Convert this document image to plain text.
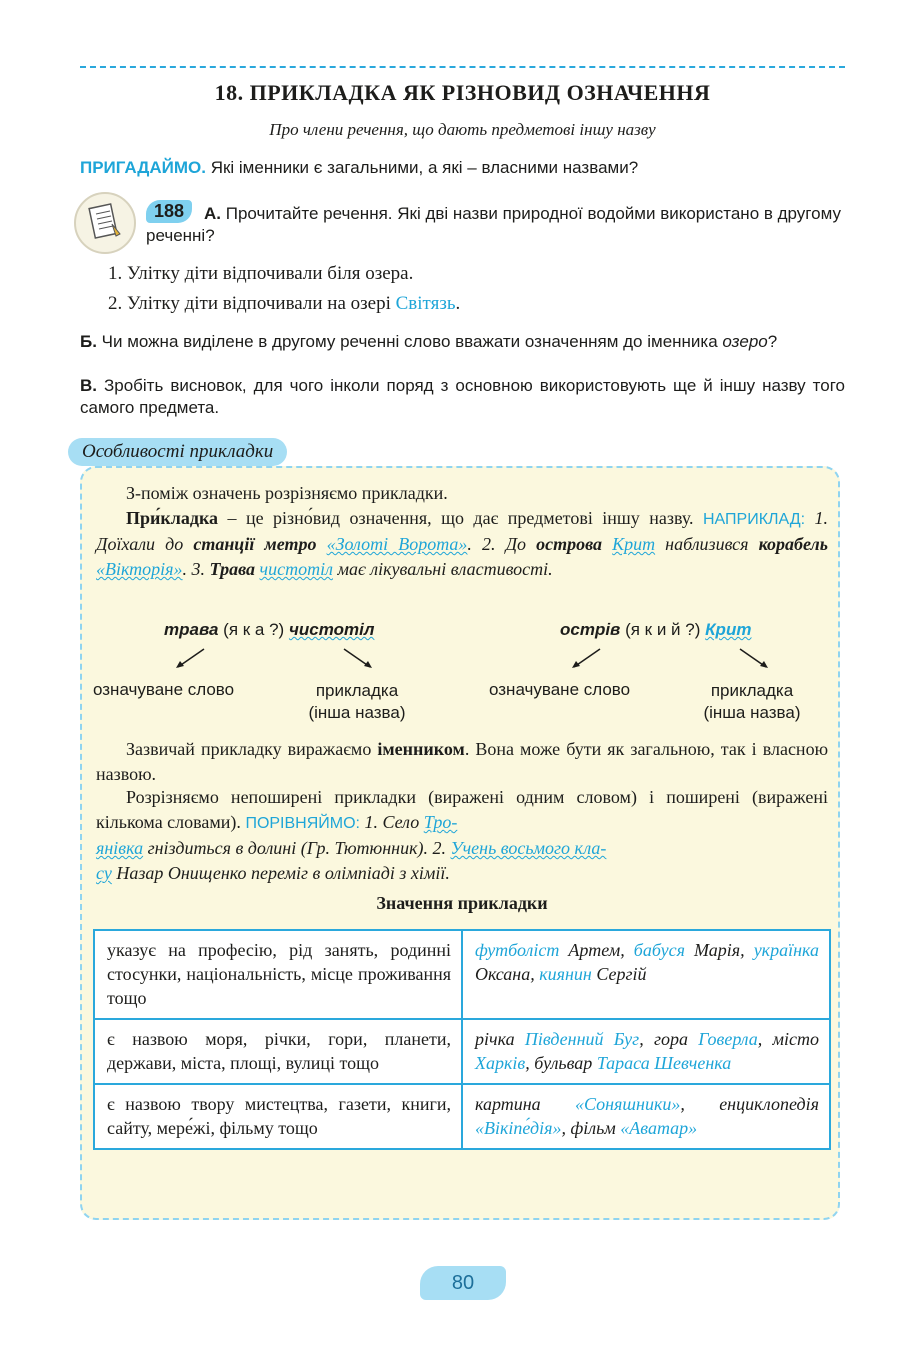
18. ПРИКЛАДКА ЯК РІЗНОВИД ОЗНАЧЕННЯ
Про члени речення, що дають предметові іншу назву
ПРИГАДАЙМО. Які іменники є загальними, а які – власними назвами?
А. Прочитайте речення. Які дві назви природної водойми використано в другому реченні?
188
1. Улітку діти відпочивали біля озера.
2. Улітку діти відпочивали на озері Світязь.
Б. Чи можна виділене в другому реченні слово вважати означенням до іменника озеро?
В. Зробіть висновок, для чого інколи поряд з основною використовують ще й іншу назву того самого предмета.
Особливості прикладки
З-поміж означень розрізняємо прикладки.
При́кладка – це різно́вид означення, що дає предметові іншу назву. НАПРИКЛАД: 1. Доїхали до станції метро «Золоті Ворота». 2. До острова Крит наблизився корабель «Вікторія». 3. Трава чистотіл має лікувальні властивості.
трава (я к а ?) чистотіл
означуване слово	прикладка
(інша назва)
острів (я к и й ?) Крит
означуване слово	прикладка
(інша назва)
Зазвичай прикладку виражаємо іменником. Вона може бути як загальною, так і власною назвою.
Розрізняємо непоширені прикладки (виражені одним словом) і поширені (виражені кількома словами). ПОРІВНЯЙМО: 1. Село Тро-
янівка гніздиться в долині (Гр. Тютюнник). 2. Учень восьмого кла-
су Назар Онищенко переміг в олімпіаді з хімії.
Значення прикладки
указує на професію, рід занять, родинні стосунки, національність, місце проживання тощо	футболіст Артем, бабуся Марія, українка Оксана, киянин Сергій
є назвою моря, річки, гори, планети, держави, міста, площі, вулиці тощо	річка Південний Буг, гора Говерла, місто Харків, бульвар Тараса Шевченка
є назвою твору мистецтва, газети, книги, сайту, мере́жі, фільму тощо	картина «Соняшники», енциклопедія «Вікіпе́дія», фільм «Аватар»
80
